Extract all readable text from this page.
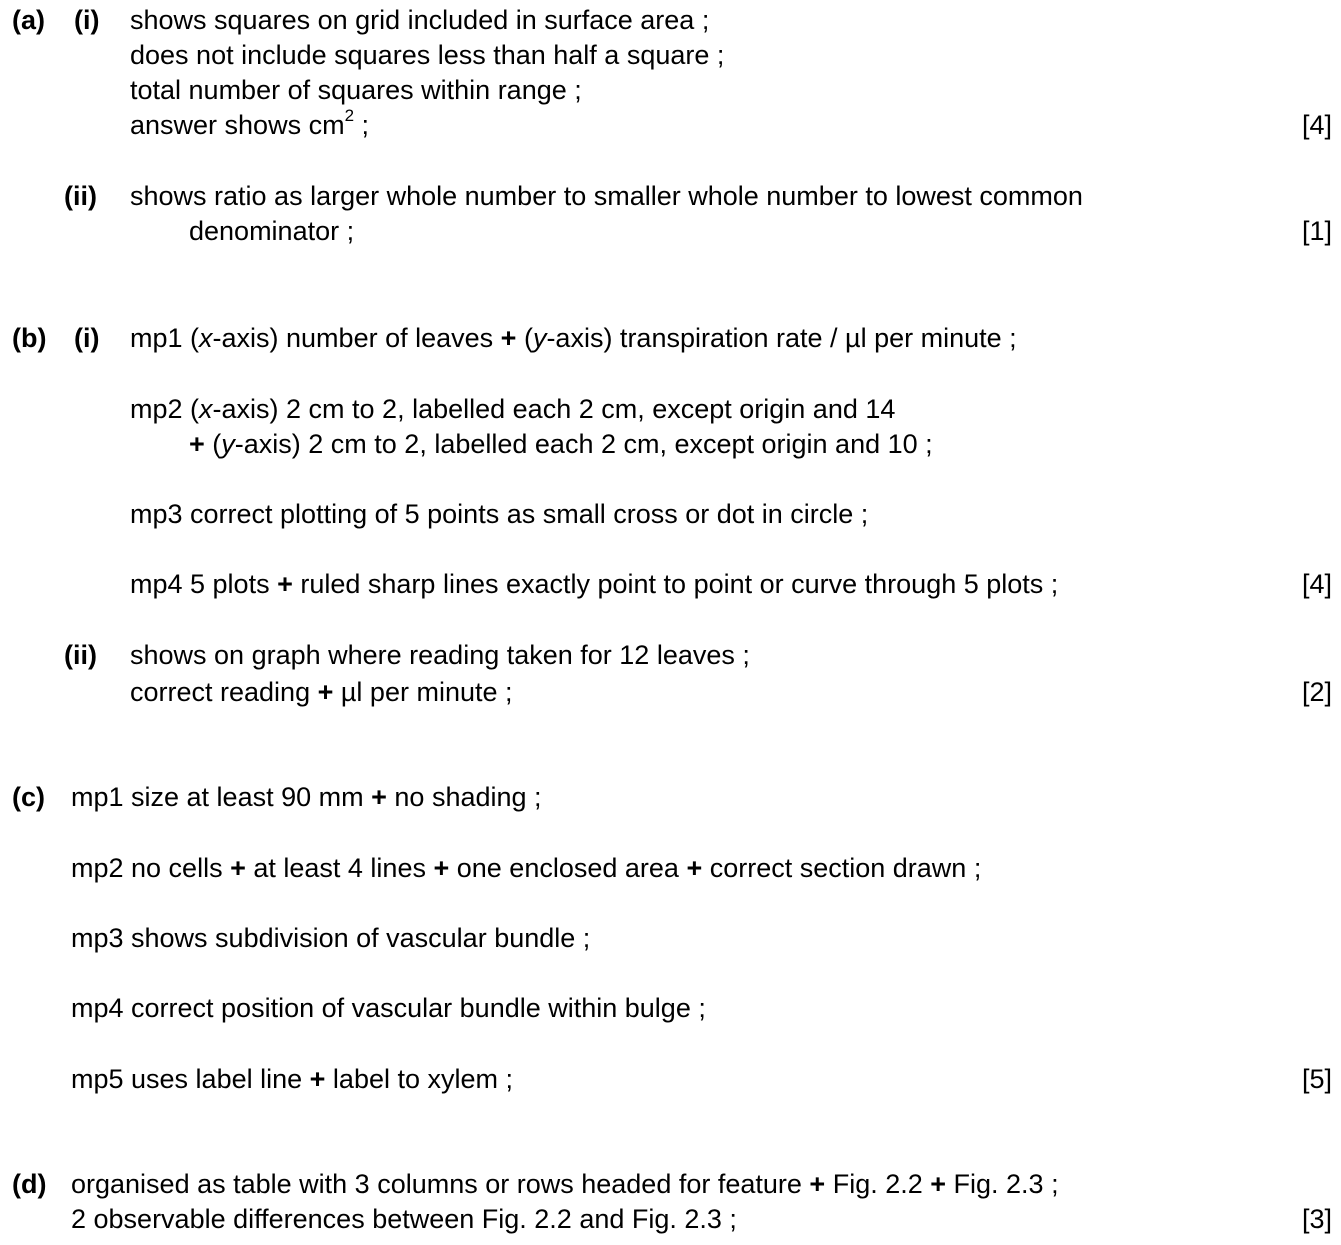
(a) (i) shows squares on grid included in surface area ;
does not include squares less than half a square ;
total number of squares within range ;
answer shows $cm^2$ ;	[4]
(ii) shows ratio as larger whole number to smaller whole number to lowest common
denominator ;	[1]
(b) (i) mp1 (x-axis) number of leaves + (y-axis) transpiration rate / µl per minute ;
mp2 (x-axis) 2 cm to 2, labelled each 2 cm, except origin and 14
+ (y-axis) 2 cm to 2, labelled each 2 cm, except origin and 10 ;
mp3 correct plotting of 5 points as small cross or dot in circle ;
mp4 5 plots + ruled sharp lines exactly point to point or curve through 5 plots ;	[4]
(ii) shows on graph where reading taken for 12 leaves ;
correct reading + µl per minute ;	[2]
(c) mp1 size at least 90 mm + no shading ;
mp2 no cells + at least 4 lines + one enclosed area + correct section drawn ;
mp3 shows subdivision of vascular bundle ;
mp4 correct position of vascular bundle within bulge ;
mp5 uses label line + label to xylem ;	[5]
(d) organised as table with 3 columns or rows headed for feature + Fig. 2.2 + Fig. 2.3 ;
2 observable differences between Fig. 2.2 and Fig. 2.3 ;	[3]
